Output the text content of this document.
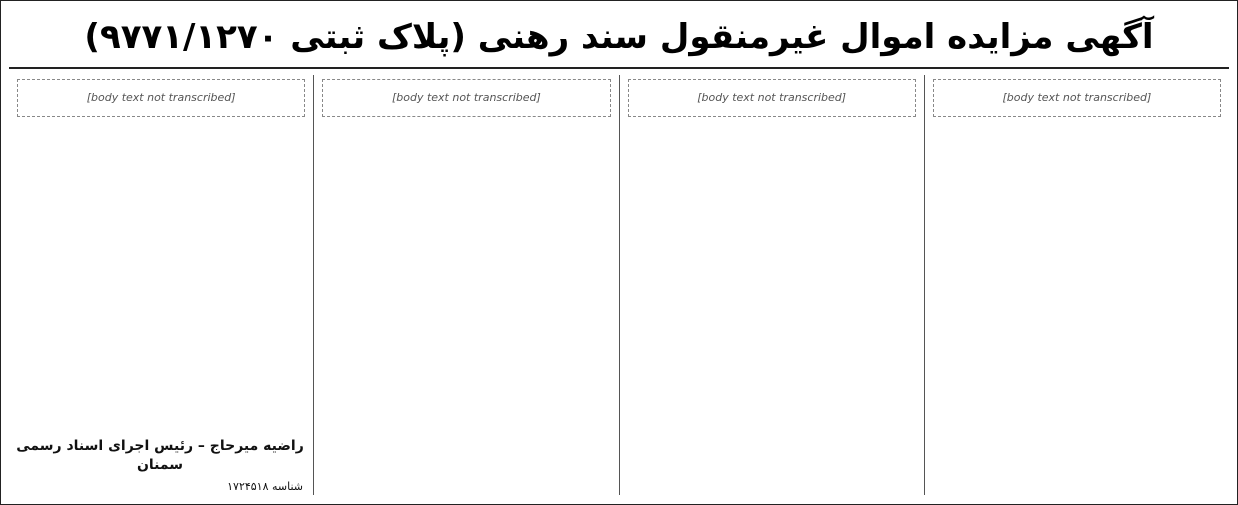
آگهی مزایده اموال غیرمنقول سند رهنی (پلاک ثبتی ۹۷۷۱/۱۲۷۰)
[body text not transcribed]
[body text not transcribed]
[body text not transcribed]
[body text not transcribed]
راضیه میرحاج – رئیس اجرای اسناد رسمی سمنان
شناسه ۱۷۲۴۵۱۸
